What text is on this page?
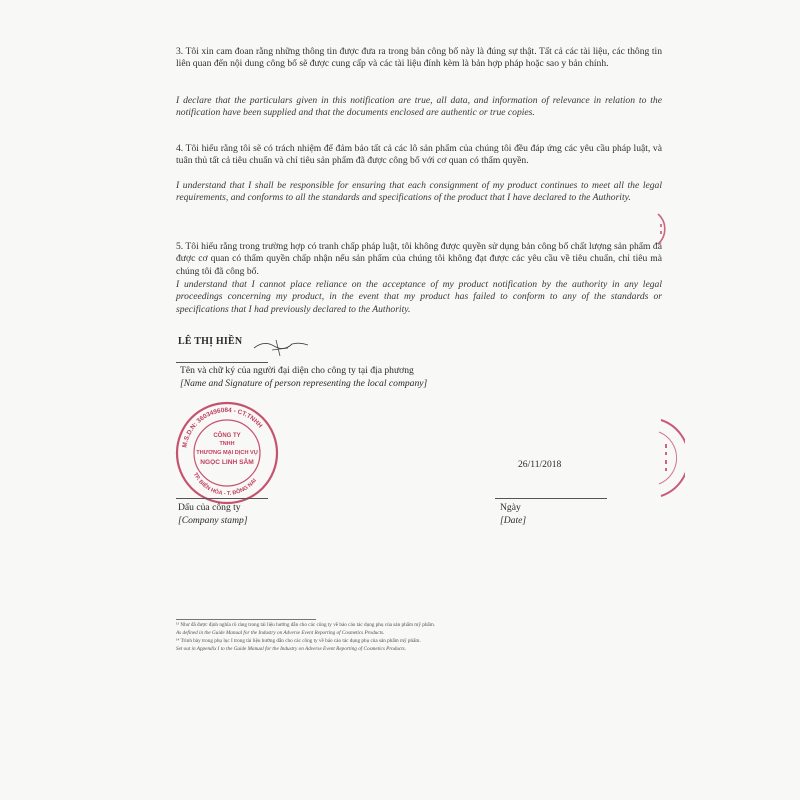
3. Tôi xin cam đoan rằng những thông tin được đưa ra trong bản công bố này là đúng sự thật. Tất cả các tài liệu, các thông tin liên quan đến nội dung công bố sẽ được cung cấp và các tài liệu đính kèm là bản hợp pháp hoặc sao y bản chính.
I declare that the particulars given in this notification are true, all data, and information of relevance in relation to the notification have been supplied and that the documents enclosed are authentic or true copies.
4. Tôi hiểu rằng tôi sẽ có trách nhiệm để đảm bảo tất cả các lô sản phẩm của chúng tôi đều đáp ứng các yêu cầu pháp luật, và tuân thủ tất cả tiêu chuẩn và chỉ tiêu sản phẩm đã được công bố với cơ quan có thẩm quyền.
I understand that I shall be responsible for ensuring that each consignment of my product continues to meet all the legal requirements, and conforms to all the standards and specifications of the product that I have declared to the Authority.
5. Tôi hiểu rằng trong trường hợp có tranh chấp pháp luật, tôi không được quyền sử dụng bản công bố chất lượng sản phẩm đã được cơ quan có thẩm quyền chấp nhận nếu sản phẩm của chúng tôi không đạt được các yêu cầu về tiêu chuẩn, chỉ tiêu mà chúng tôi đã công bố.
I understand that I cannot place reliance on the acceptance of my product notification by the authority in any legal proceedings concerning my product, in the event that my product has failed to conform to any of the standards or specifications that I had previously declared to the Authority.
LÊ THỊ HIỀN
Tên và chữ ký của người đại diện cho công ty tại địa phương
[Name and Signature of person representing the local company]
M.S.D.N: 3603496084 - CT.TNHH
TP. BIÊN HÒA - T. ĐỒNG NAI
CÔNG TY
TNHH
THƯƠNG MẠI DỊCH VỤ
NGỌC LINH SÂM
Dấu của công ty
[Company stamp]
26/11/2018
Ngày
[Date]
¹³ Như đã được định nghĩa rõ ràng trong tài liệu hướng dẫn cho các công ty về báo cáo tác dụng phụ của sản phẩm mỹ phẩm.
As defined in the Guide Manual for the Industry on Adverse Event Reporting of Cosmetics Products.
¹⁴ Trình bày trong phụ lục I trong tài liệu hướng dẫn cho các công ty về báo cáo tác dụng phụ của sản phẩm mỹ phẩm.
Set out in Appendix I to the Guide Manual for the Industry on Adverse Event Reporting of Cosmetics Products.
